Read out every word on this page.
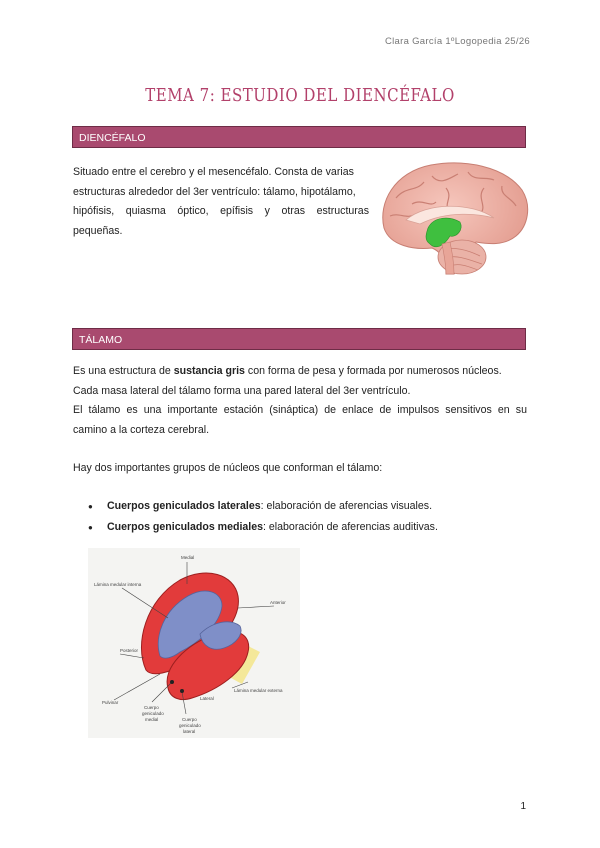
Clara García 1ºLogopedia 25/26
TEMA 7: ESTUDIO DEL DIENCÉFALO
DIENCÉFALO
Situado entre el cerebro y el mesencéfalo. Consta de varias
estructuras alrededor del 3er ventrículo: tálamo, hipotálamo,
hipófisis, quiasma óptico, epífisis y otras estructuras
pequeñas.
TÁLAMO
Es una estructura de sustancia gris con forma de pesa y formada por numerosos núcleos.
Cada masa lateral del tálamo forma una pared lateral del 3er ventrículo.
El tálamo es una importante estación (sináptica) de enlace de impulsos sensitivos en su
camino a la corteza cerebral.
Hay dos importantes grupos de núcleos que conforman el tálamo:
●	Cuerpos geniculados laterales: elaboración de aferencias visuales.
●	Cuerpos geniculados mediales: elaboración de aferencias auditivas.
Medial
Lámina medular interna
Anterior
Posterior
Lámina medular externa
Lateral
Pulvinar
Cuerpo
geniculado
medial	Cuerpo
geniculado
lateral
1
